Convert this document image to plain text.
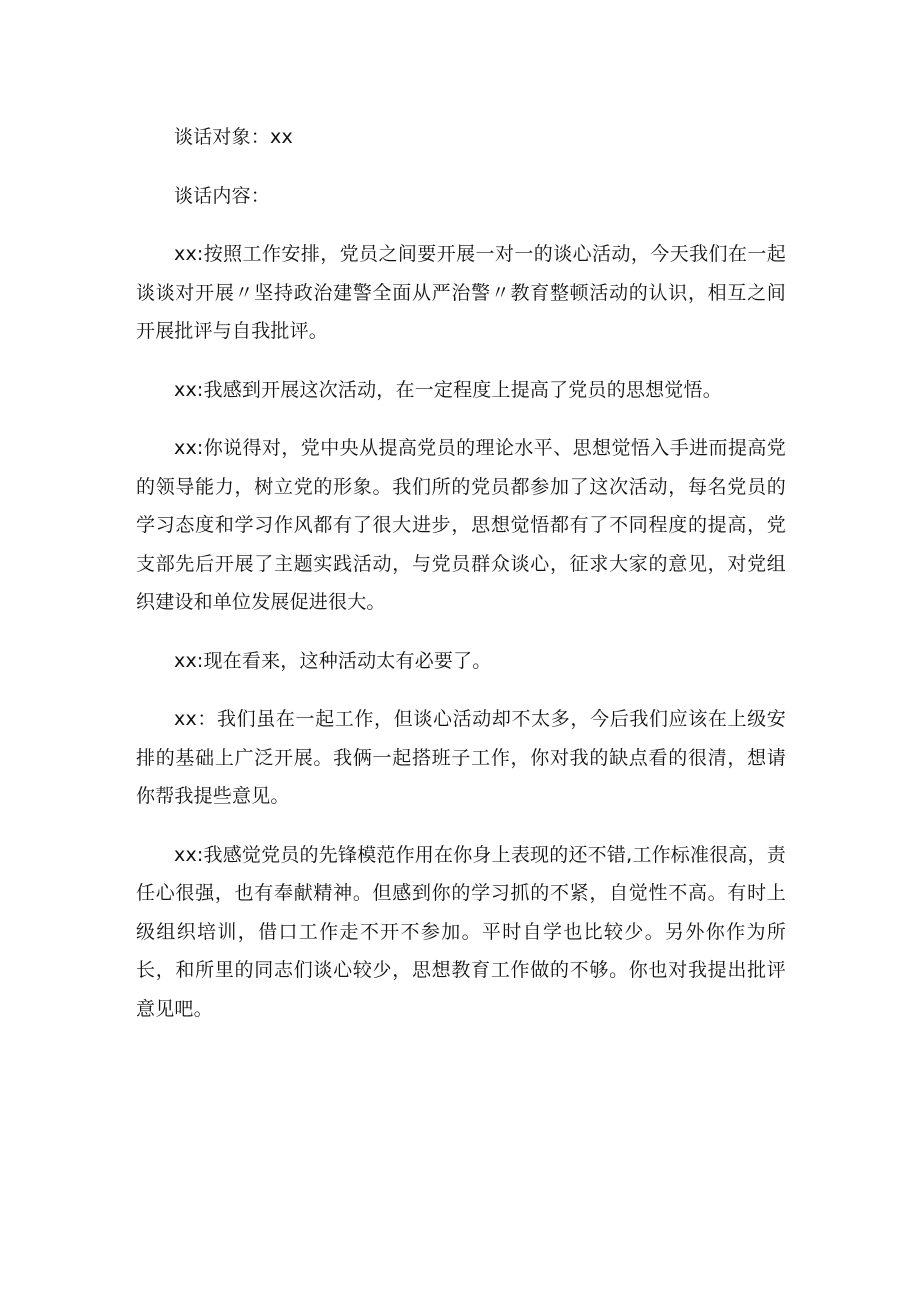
谈话对象：xx

谈话内容：

xx:按照工作安排，党员之间要开展一对一的谈心活动，今天我们在一起谈谈对开展〃坚持政治建警全面从严治警〃教育整顿活动的认识，相互之间开展批评与自我批评。

xx:我感到开展这次活动，在一定程度上提高了党员的思想觉悟。

xx:你说得对，党中央从提高党员的理论水平、思想觉悟入手进而提高党的领导能力，树立党的形象。我们所的党员都参加了这次活动，每名党员的学习态度和学习作风都有了很大进步，思想觉悟都有了不同程度的提高，党支部先后开展了主题实践活动，与党员群众谈心，征求大家的意见，对党组织建设和单位发展促进很大。

xx:现在看来，这种活动太有必要了。

xx：我们虽在一起工作，但谈心活动却不太多，今后我们应该在上级安排的基础上广泛开展。我俩一起搭班子工作，你对我的缺点看的很清，想请你帮我提些意见。

xx:我感觉党员的先锋模范作用在你身上表现的还不错,工作标准很高，责任心很强，也有奉献精神。但感到你的学习抓的不紧，自觉性不高。有时上级组织培训，借口工作走不开不参加。平时自学也比较少。另外你作为所长，和所里的同志们谈心较少，思想教育工作做的不够。你也对我提出批评意见吧。
